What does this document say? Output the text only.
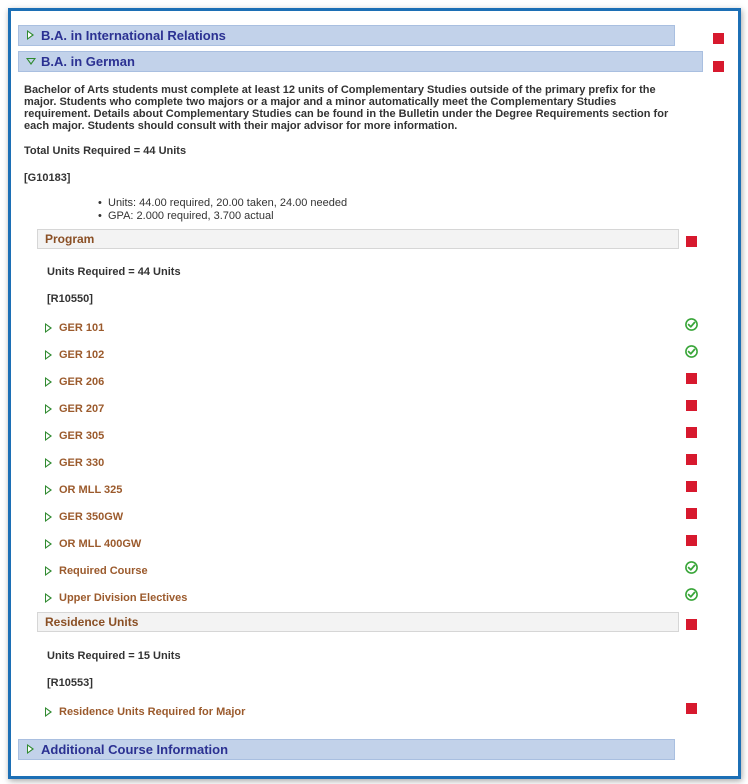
B.A. in International Relations
B.A. in German
Bachelor of Arts students must complete at least 12 units of Complementary Studies outside of the primary prefix for the major. Students who complete two majors or a major and a minor automatically meet the Complementary Studies requirement. Details about Complementary Studies can be found in the Bulletin under the Degree Requirements section for each major. Students should consult with their major advisor for more information.
Total Units Required = 44 Units
[G10183]
• Units: 44.00 required, 20.00 taken, 24.00 needed
• GPA: 2.000 required, 3.700 actual
Program
Units Required = 44 Units
[R10550]
GER 101
GER 102
GER 206
GER 207
GER 305
GER 330
OR MLL 325
GER 350GW
OR MLL 400GW
Required Course
Upper Division Electives
Residence Units
Units Required = 15 Units
[R10553]
Residence Units Required for Major
Additional Course Information
